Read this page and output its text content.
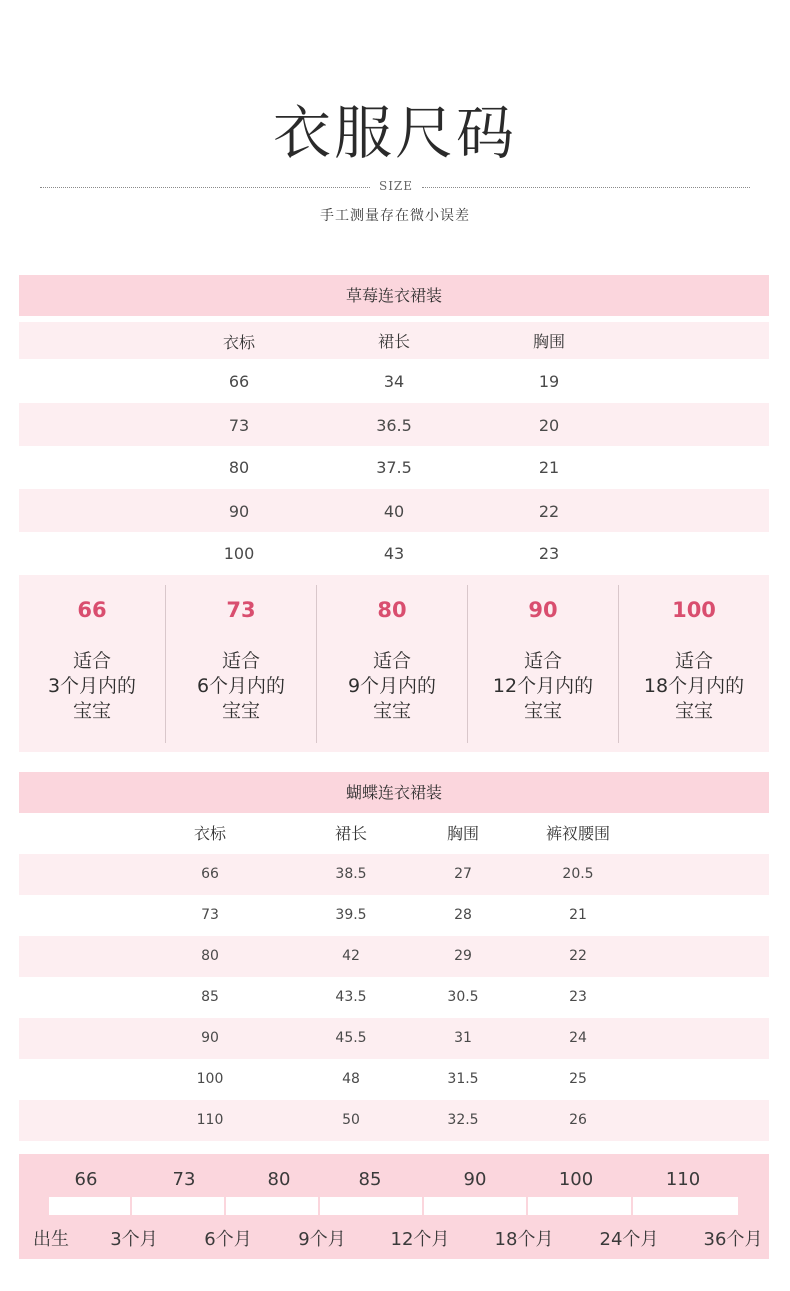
衣服尺码
SIZE
手工测量存在微小误差
草莓连衣裙装
衣标	裙长	胸围
66	34	19
73	36.5	20
80	37.5	21
90	40	22
100	43	23
66
适合
3个月内的
宝宝
73
适合
6个月内的
宝宝
80
适合
9个月内的
宝宝
90
适合
12个月内的
宝宝
100
适合
18个月内的
宝宝
蝴蝶连衣裙装
衣标	裙长	胸围	裤衩腰围
66	38.5	27	20.5
73	39.5	28	21
80	42	29	22
85	43.5	30.5	23
90	45.5	31	24
100	48	31.5	25
110	50	32.5	26
66	73	80	85	90	100	110
出生	3个月	6个月	9个月	12个月	18个月	24个月	36个月
